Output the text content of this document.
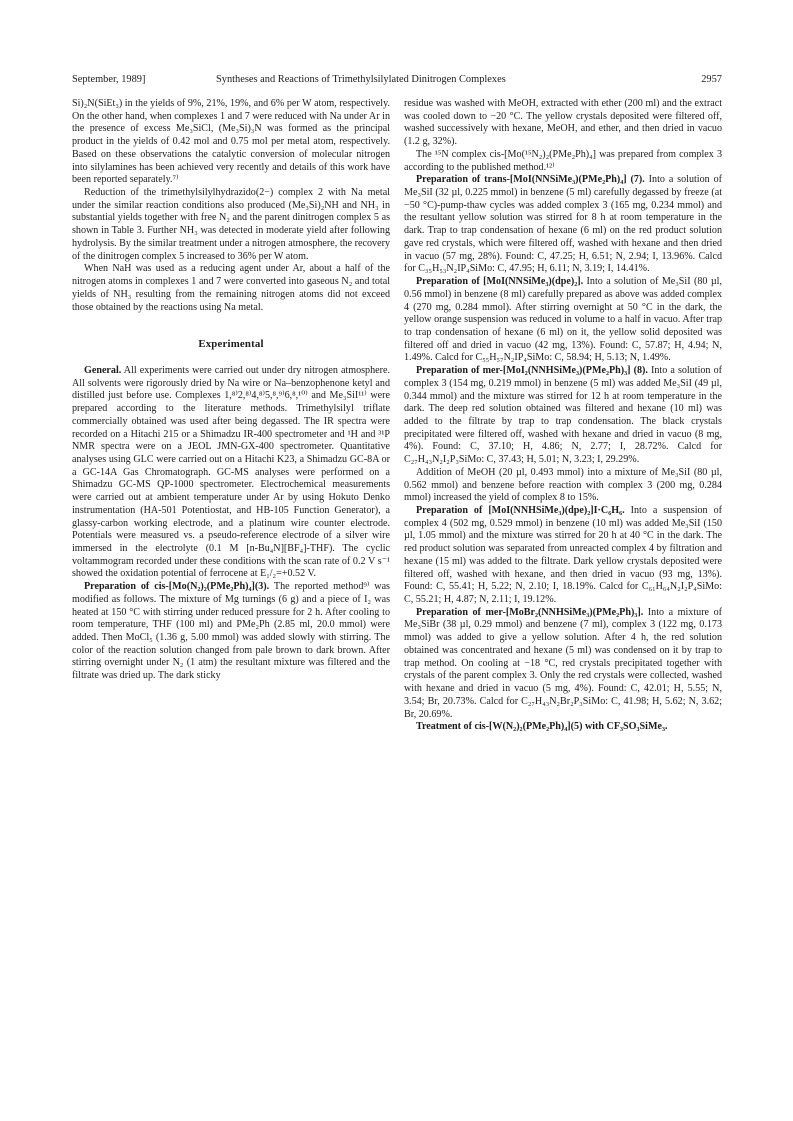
September, 1989]	Syntheses and Reactions of Trimethylsilylated Dinitrogen Complexes	2957

Si)₂N(SiEt₃) in the yields of 9%, 21%, 19%, and 6% per W atom, respectively. On the other hand, when complexes 1 and 7 were reduced with Na under Ar in the presence of excess Me₃SiCl, (Me₃Si)₃N was formed as the principal product in the yields of 0.42 mol and 0.75 mol per metal atom, respectively. Based on these observations the catalytic conversion of molecular nitrogen into silylamines has been achieved very recently and details of this work have been reported separately.⁷⁾

Reduction of the trimethylsilylhydrazido(2−) complex 2 with Na metal under the similar reaction conditions also produced (Me₃Si)₂NH and NH₃ in substantial yields together with free N₂ and the parent dinitrogen complex 5 as shown in Table 3. Further NH₃ was detected in moderate yield after following hydrolysis. By the similar treatment under a nitrogen atmosphere, the recovery of the dinitrogen complex 5 increased to 36% per W atom.

When NaH was used as a reducing agent under Ar, about a half of the nitrogen atoms in complexes 1 and 7 were converted into gaseous N₂ and total yields of NH₃ resulting from the remaining nitrogen atoms did not exceed those obtained by the reactions using Na metal.

Experimental

General. All experiments were carried out under dry nitrogen atmosphere. All solvents were rigorously dried by Na wire or Na–benzophenone ketyl and distilled just before use. Complexes 1,⁸⁾2,⁸⁾4,⁸⁾5,⁸,⁹⁾6,⁸,¹⁰⁾ and Me₃SiI¹¹⁾ were prepared according to the literature methods. Trimethylsilyl triflate commercially obtained was used after being degassed. The IR spectra were recorded on a Hitachi 215 or a Shimadzu IR-400 spectrometer and ¹H and ³¹P NMR spectra were on a JEOL JMN-GX-400 spectrometer. Quantitative analyses using GLC were carried out on a Hitachi K23, a Shimadzu GC-8A or a GC-14A Gas Chromatograph. GC-MS analyses were performed on a Shimadzu GC-MS QP-1000 spectrometer. Electrochemical measurements were carried out at ambient temperature under Ar by using Hokuto Denko instrumentation (HA-501 Potentiostat, and HB-105 Function Generator), a glassy-carbon working electrode, and a platinum wire counter electrode. Potentials were measured vs. a pseudo-reference electrode of a silver wire immersed in the electrolyte (0.1 M [n-Bu₄N][BF₄]-THF). The cyclic voltammogram recorded under these conditions with the scan rate of 0.2 V s⁻¹ showed the oxidation potential of ferrocene at E₁/₂=+0.52 V.

Preparation of cis-[Mo(N₂)₂(PMe₂Ph)₄](3). The reported method⁹⁾ was modified as follows. The mixture of Mg turnings (6 g) and a piece of I₂ was heated at 150 °C with stirring under reduced pressure for 2 h. After cooling to room temperature, THF (100 ml) and PMe₂Ph (2.85 ml, 20.0 mmol) were added. Then MoCl₅ (1.36 g, 5.00 mmol) was added slowly with stirring. The color of the reaction solution changed from pale brown to dark brown. After stirring overnight under N₂ (1 atm) the resultant mixture was filtered and the filtrate was dried up. The dark sticky

residue was washed with MeOH, extracted with ether (200 ml) and the extract was cooled down to −20 °C. The yellow crystals deposited were filtered off, washed successively with hexane, MeOH, and ether, and then dried in vacuo (1.2 g, 32%).

The ¹⁵N complex cis-[Mo(¹⁵N₂)₂(PMe₂Ph)₄] was prepared from complex 3 according to the published method.¹²⁾

Preparation of trans-[MoI(NNSiMe₃)(PMe₂Ph)₄] (7). Into a solution of Me₃SiI (32 µl, 0.225 mmol) in benzene (5 ml) carefully degassed by freeze (at −50 °C)-pump-thaw cycles was added complex 3 (165 mg, 0.234 mmol) and the resultant yellow solution was stirred for 8 h at room temperature in the dark. Trap to trap condensation of hexane (6 ml) on the red product solution gave red crystals, which were filtered off, washed with hexane and then dried in vacuo (57 mg, 28%). Found: C, 47.25; H, 6.51; N, 2.94; I, 13.96%. Calcd for C₃₅H₅₃N₂IP₄SiMo: C, 47.95; H, 6.11; N, 3.19; I, 14.41%.

Preparation of [MoI(NNSiMe₃)(dpe)₂]. Into a solution of Me₃SiI (80 µl, 0.56 mmol) in benzene (8 ml) carefully prepared as above was added complex 4 (270 mg, 0.284 mmol). After stirring overnight at 50 °C in the dark, the yellow orange suspension was reduced in volume to a half in vacuo. After trap to trap condensation of hexane (6 ml) on it, the yellow solid deposited was filtered off and dried in vacuo (42 mg, 13%). Found: C, 57.87; H, 4.94; N, 1.49%. Calcd for C₅₅H₅₇N₂IP₄SiMo: C, 58.94; H, 5.13; N, 1.49%.

Preparation of mer-[MoI₂(NNHSiMe₃)(PMe₂Ph)₃] (8). Into a solution of complex 3 (154 mg, 0.219 mmol) in benzene (5 ml) was added Me₃SiI (49 µl, 0.344 mmol) and the mixture was stirred for 12 h at room temperature in the dark. The deep red solution obtained was filtered and hexane (10 ml) was added to the filtrate by trap to trap condensation. The black crystals precipitated were filtered off, washed with hexane and dried in vacuo (8 mg, 4%). Found: C, 37.10; H, 4.86; N, 2.77; I, 28.72%. Calcd for C₂₇H₄₃N₂I₂P₃SiMo: C, 37.43; H, 5.01; N, 3.23; I, 29.29%.

Addition of MeOH (20 µl, 0.493 mmol) into a mixture of Me₃SiI (80 µl, 0.562 mmol) and benzene before reaction with complex 3 (200 mg, 0.284 mmol) increased the yield of complex 8 to 15%.

Preparation of [MoI(NNHSiMe₃)(dpe)₂]I·C₆H₆. Into a suspension of complex 4 (502 mg, 0.529 mmol) in benzene (10 ml) was added Me₃SiI (150 µl, 1.05 mmol) and the mixture was stirred for 20 h at 40 °C in the dark. The red product solution was separated from unreacted complex 4 by filtration and hexane (15 ml) was added to the filtrate. Dark yellow crystals deposited were filtered off, washed with hexane, and then dried in vacuo (93 mg, 13%). Found: C, 55.41; H, 5.22; N, 2.10; I, 18.19%. Calcd for C₆₁H₆₄N₂I₂P₄SiMo: C, 55.21; H, 4.87; N, 2.11; I, 19.12%.

Preparation of mer-[MoBr₂(NNHSiMe₃)(PMe₂Ph)₃]. Into a mixture of Me₃SiBr (38 µl, 0.29 mmol) and benzene (7 ml), complex 3 (122 mg, 0.173 mmol) was added to give a yellow solution. After 4 h, the red solution obtained was concentrated and hexane (5 ml) was condensed on it by trap to trap method. On cooling at −18 °C, red crystals precipitated together with crystals of the parent complex 3. Only the red crystals were collected, washed with hexane and dried in vacuo (5 mg, 4%). Found: C, 42.01; H, 5.55; N, 3.54; Br, 20.73%. Calcd for C₂₇H₄₃N₂Br₂P₃SiMo: C, 41.98; H, 5.62; N, 3.62; Br, 20.69%.

Treatment of cis-[W(N₂)₂(PMe₂Ph)₄](5) with CF₃SO₃SiMe₃.
